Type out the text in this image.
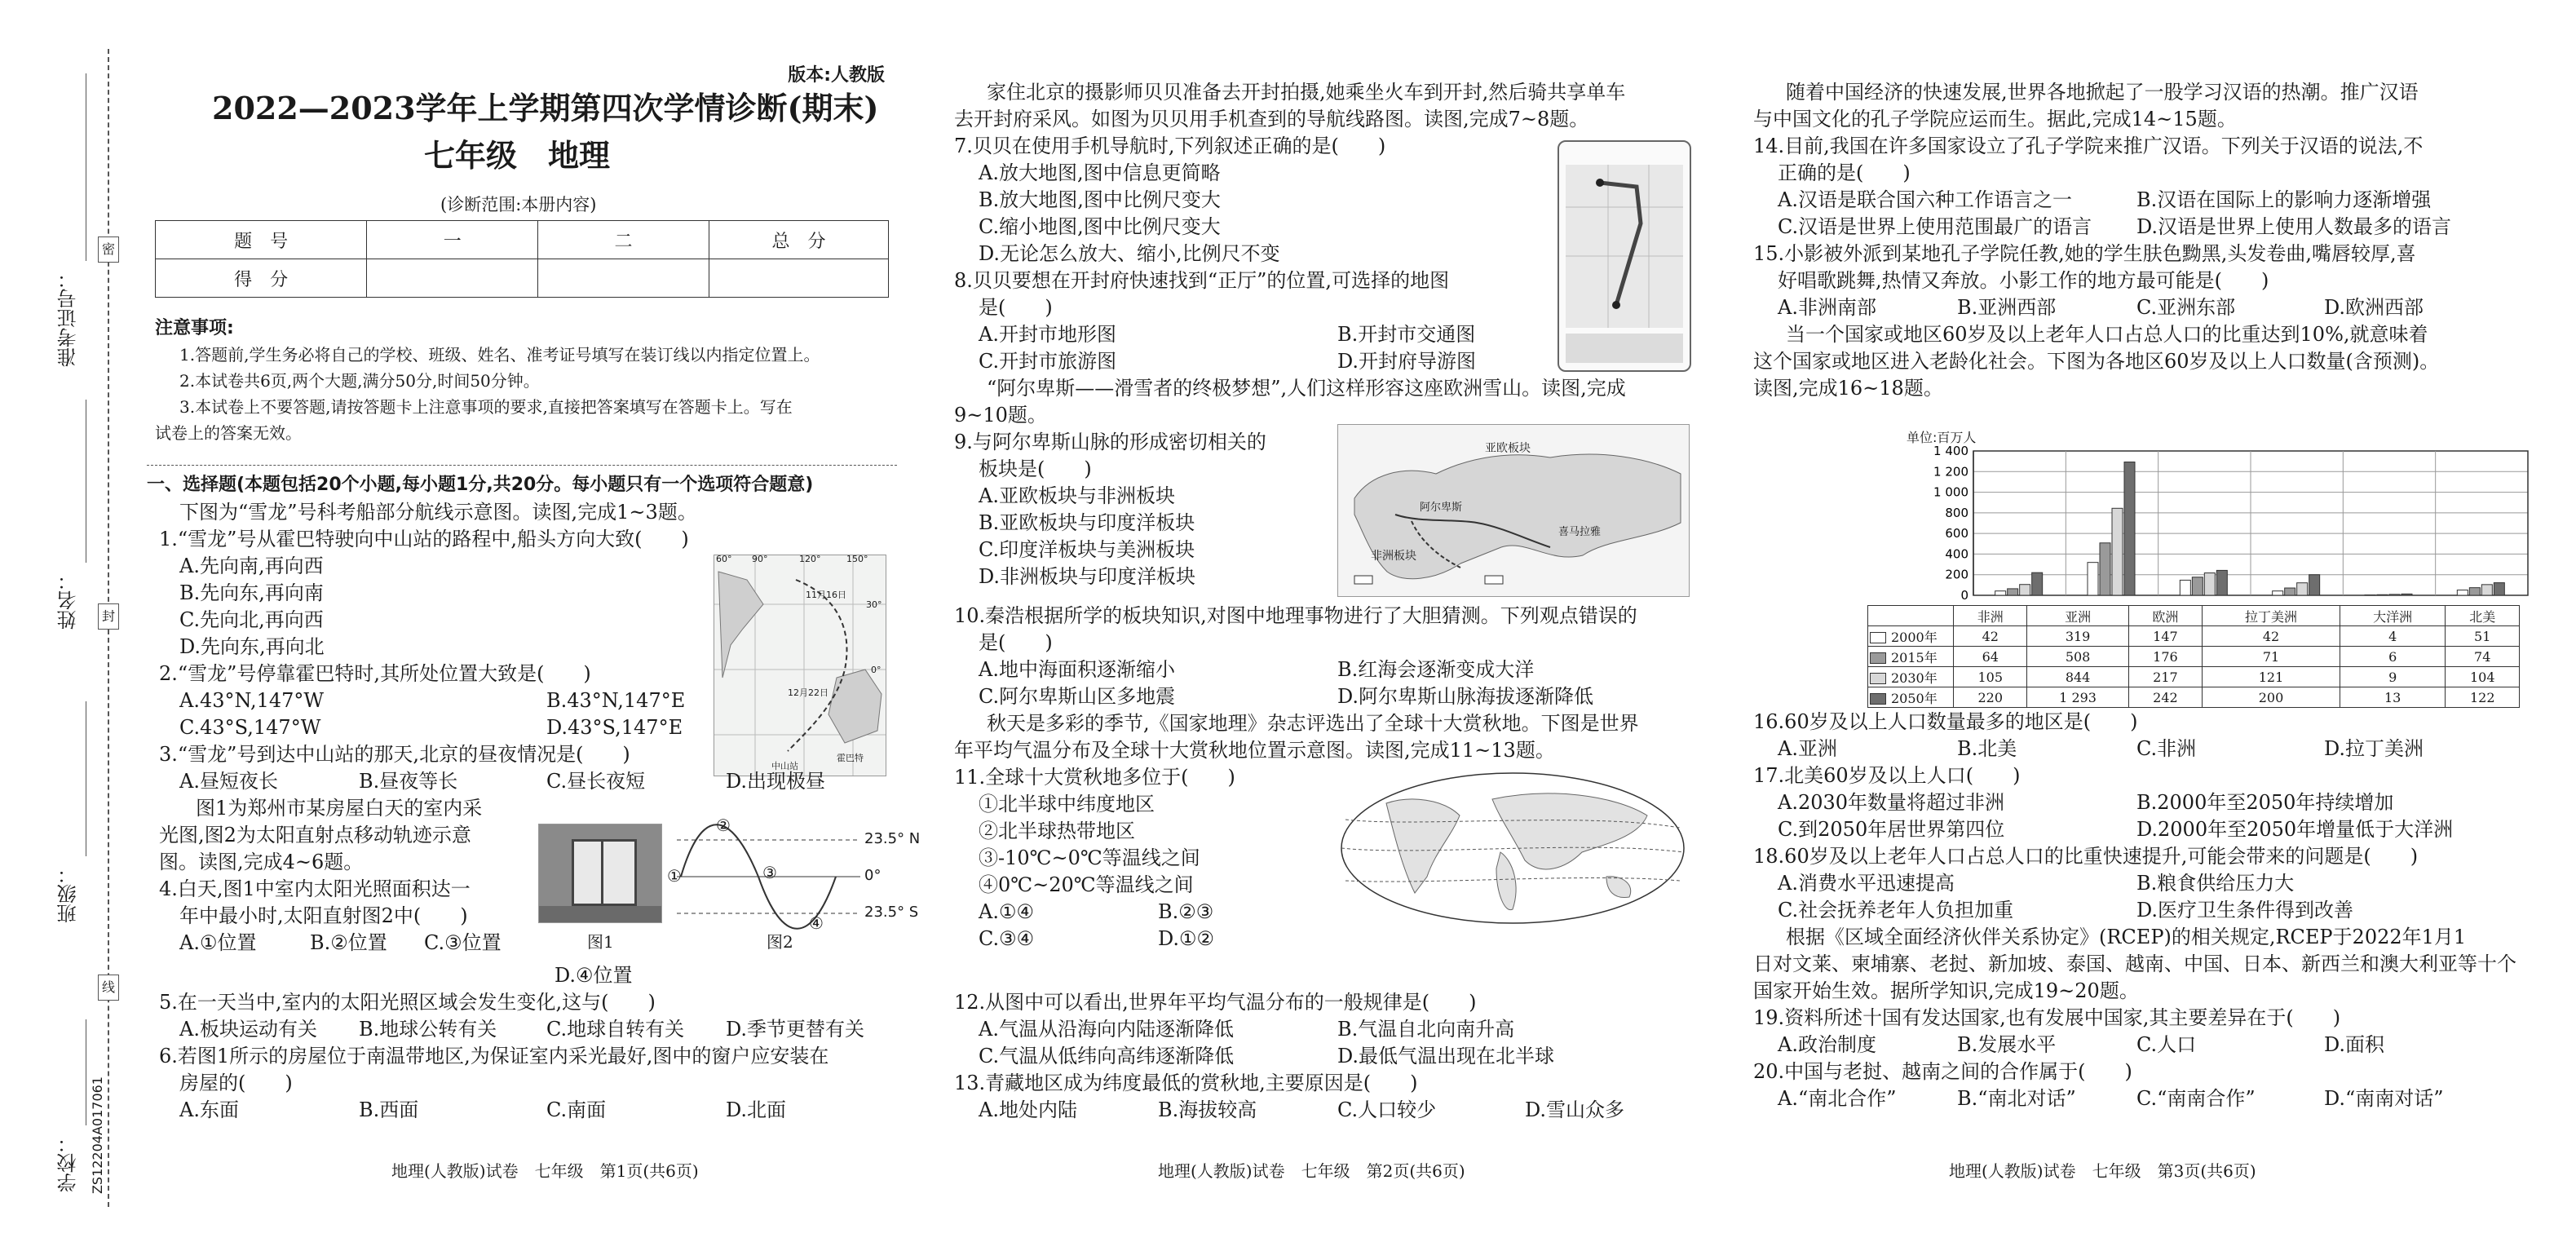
密
封
线
准考证号：
姓名：
班级：
学校： ZS12204A017061
版本:人教版
2022—2023学年上学期第四次学情诊断(期末)
七年级　地理
(诊断范围:本册内容)
题　号	一	二	总　分
得　分			
注意事项:
1.答题前,学生务必将自己的学校、班级、姓名、准考证号填写在装订线以内指定位置上。
2.本试卷共6页,两个大题,满分50分,时间50分钟。
3.本试卷上不要答题,请按答题卡上注意事项的要求,直接把答案填写在答题卡上。写在
试卷上的答案无效。
一、选择题(本题包括20个小题,每小题1分,共20分。每小题只有一个选项符合题意)
下图为“雪龙”号科考船部分航线示意图。读图,完成1~3题。
1.“雪龙”号从霍巴特驶向中山站的路程中,船头方向大致(　　)
A.先向南,再向西
B.先向东,再向南
C.先向北,再向西
D.先向东,再向北
60° 90°	120°	150°
30°
0°
11月16日
霍巴特
中山站
12月22日
2.“雪龙”号停靠霍巴特时,其所处位置大致是(　　)
A.43°N,147°W	B.43°N,147°E
C.43°S,147°W	D.43°S,147°E
3.“雪龙”号到达中山站的那天,北京的昼夜情况是(　　)
A.昼短夜长	B.昼夜等长	C.昼长夜短	D.出现极昼
图1为郑州市某房屋白天的室内采
光图,图2为太阳直射点移动轨迹示意
图。读图,完成4~6题。
图1
23.5° N
0°
23.5° S
①
②
③
④
图2
4.白天,图1中室内太阳光照面积达一
年中最小时,太阳直射图2中(　　)
A.①位置	B.②位置 C.③位置
D.④位置
5.在一天当中,室内的太阳光照区域会发生变化,这与(　　)
A.板块运动有关 B.地球公转有关	C.地球自转有关 D.季节更替有关
6.若图1所示的房屋位于南温带地区,为保证室内采光最好,图中的窗户应安装在
房屋的(　　)
A.东面	B.西面	C.南面	D.北面
地理(人教版)试卷　七年级　第1页(共6页)
家住北京的摄影师贝贝准备去开封拍摄,她乘坐火车到开封,然后骑共享单车
去开封府采风。如图为贝贝用手机查到的导航线路图。读图,完成7~8题。
7.贝贝在使用手机导航时,下列叙述正确的是(　　)
A.放大地图,图中信息更简略
B.放大地图,图中比例尺变大
C.缩小地图,图中比例尺变大
D.无论怎么放大、缩小,比例尺不变
8.贝贝要想在开封府快速找到“正厅”的位置,可选择的地图
是(　　)
A.开封市地形图	B.开封市交通图
C.开封市旅游图	D.开封府导游图
“阿尔卑斯——滑雪者的终极梦想”,人们这样形容这座欧洲雪山。读图,完成
9~10题。
亚欧板块
阿尔卑斯
非洲板块
喜马拉雅
9.与阿尔卑斯山脉的形成密切相关的
板块是(　　)
A.亚欧板块与非洲板块
B.亚欧板块与印度洋板块
C.印度洋板块与美洲板块
D.非洲板块与印度洋板块
10.秦浩根据所学的板块知识,对图中地理事物进行了大胆猜测。下列观点错误的
是(　　)
A.地中海面积逐渐缩小	B.红海会逐渐变成大洋
C.阿尔卑斯山区多地震	D.阿尔卑斯山脉海拔逐渐降低
秋天是多彩的季节,《国家地理》杂志评选出了全球十大赏秋地。下图是世界
年平均气温分布及全球十大赏秋地位置示意图。读图,完成11~13题。
11.全球十大赏秋地多位于(　　)
①北半球中纬度地区
②北半球热带地区
③-10℃~0℃等温线之间
④0℃~20℃等温线之间
A.①④	B.②③
C.③④	D.①②
12.从图中可以看出,世界年平均气温分布的一般规律是(　　)
A.气温从沿海向内陆逐渐降低	B.气温自北向南升高
C.气温从低纬向高纬逐渐降低	D.最低气温出现在北半球
13.青藏地区成为纬度最低的赏秋地,主要原因是(　　)
A.地处内陆	B.海拔较高	C.人口较少	D.雪山众多
地理(人教版)试卷　七年级　第2页(共6页)
随着中国经济的快速发展,世界各地掀起了一股学习汉语的热潮。推广汉语
与中国文化的孔子学院应运而生。据此,完成14~15题。
14.目前,我国在许多国家设立了孔子学院来推广汉语。下列关于汉语的说法,不
正确的是(　　)
A.汉语是联合国六种工作语言之一	B.汉语在国际上的影响力逐渐增强
C.汉语是世界上使用范围最广的语言 D.汉语是世界上使用人数最多的语言
15.小影被外派到某地孔子学院任教,她的学生肤色黝黑,头发卷曲,嘴唇较厚,喜
好唱歌跳舞,热情又奔放。小影工作的地方最可能是(　　)
A.非洲南部	B.亚洲西部	C.亚洲东部	D.欧洲西部
当一个国家或地区60岁及以上老年人口占总人口的比重达到10%,就意味着
这个国家或地区进入老龄化社会。下图为各地区60岁及以上人口数量(含预测)。
读图,完成16~18题。
单位:百万人
1 400
1 200
1 000
800
600
400
200
0
	非洲	亚洲	欧洲	拉丁美洲	大洋洲	北美
2000年	42	319	147	42	4	51
2015年	64	508	176	71	6	74
2030年	105	844	217	121	9	104
2050年	220	1 293	242	200	13	122
16.60岁及以上人口数量最多的地区是(　　)
A.亚洲	B.北美	C.非洲	D.拉丁美洲
17.北美60岁及以上人口(　　)
A.2030年数量将超过非洲	B.2000年至2050年持续增加
C.到2050年居世界第四位	D.2000年至2050年增量低于大洋洲
18.60岁及以上老年人口占总人口的比重快速提升,可能会带来的问题是(　　)
A.消费水平迅速提高	B.粮食供给压力大
C.社会抚养老年人负担加重	D.医疗卫生条件得到改善
根据《区域全面经济伙伴关系协定》(RCEP)的相关规定,RCEP于2022年1月1
日对文莱、柬埔寨、老挝、新加坡、泰国、越南、中国、日本、新西兰和澳大利亚等十个
国家开始生效。据所学知识,完成19~20题。
19.资料所述十国有发达国家,也有发展中国家,其主要差异在于(　　)
A.政治制度	B.发展水平	C.人口	D.面积
20.中国与老挝、越南之间的合作属于(　　)
A.“南北合作”	B.“南北对话”	C.“南南合作”	D.“南南对话”
地理(人教版)试卷　七年级　第3页(共6页)
